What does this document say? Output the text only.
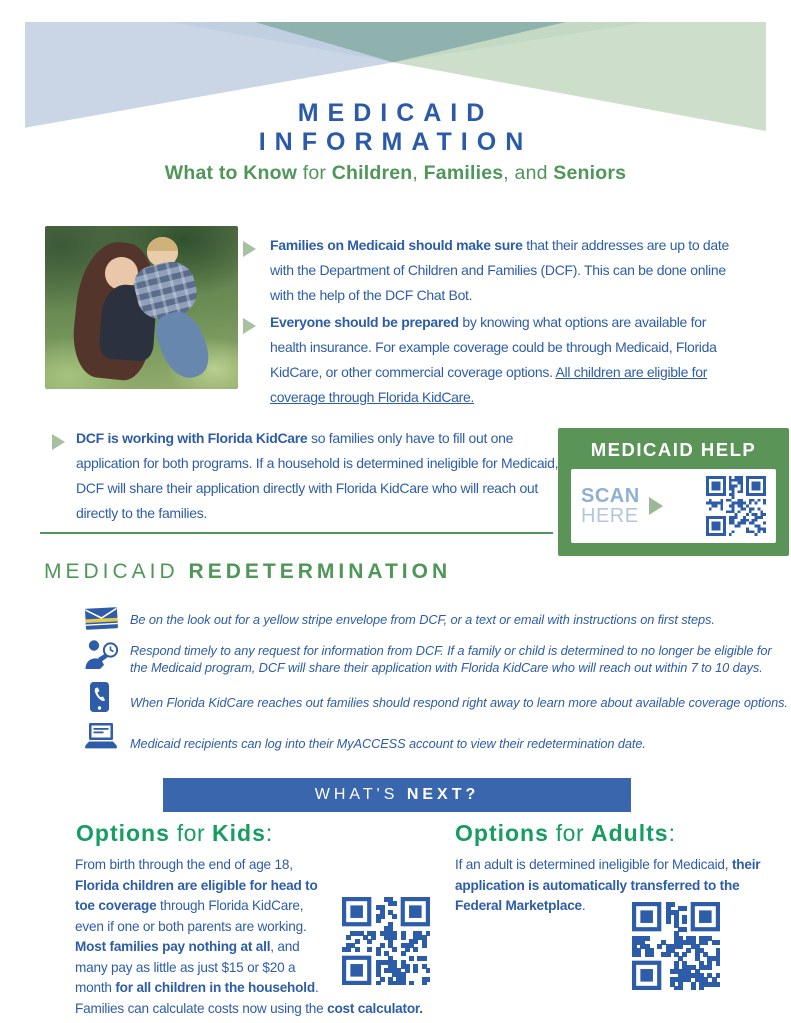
MEDICAID
INFORMATION
What to Know for Children, Families, and Seniors
Families on Medicaid should make sure that their addresses are up to date with the Department of Children and Families (DCF). This can be done online with the help of the DCF Chat Bot.
Everyone should be prepared by knowing what options are available for health insurance. For example coverage could be through Medicaid, Florida KidCare, or other commercial coverage options. All children are eligible for coverage through Florida KidCare.
DCF is working with Florida KidCare so families only have to fill out one application for both programs. If a household is determined ineligible for Medicaid, DCF will share their application directly with Florida KidCare who will reach out directly to the families.
MEDICAID HELP
SCAN
HERE
MEDICAID REDETERMINATION
Be on the look out for a yellow stripe envelope from DCF, or a text or email with instructions on first steps.
Respond timely to any request for information from DCF. If a family or child is determined to no longer be eligible for the Medicaid program, DCF will share their application with Florida KidCare who will reach out within 7 to 10 days.
When Florida KidCare reaches out families should respond right away to learn more about available coverage options.
Medicaid recipients can log into their MyACCESS account to view their redetermination date.
WHAT'S NEXT?
Options for Kids:
From birth through the end of age 18, Florida children are eligible for head to toe coverage through Florida KidCare, even if one or both parents are working. Most families pay nothing at all, and many pay as little as just $15 or $20 a month for all children in the household. Families can calculate costs now using the cost calculator.
Options for Adults:
If an adult is determined ineligible for Medicaid, their application is automatically transferred to the Federal Marketplace.
